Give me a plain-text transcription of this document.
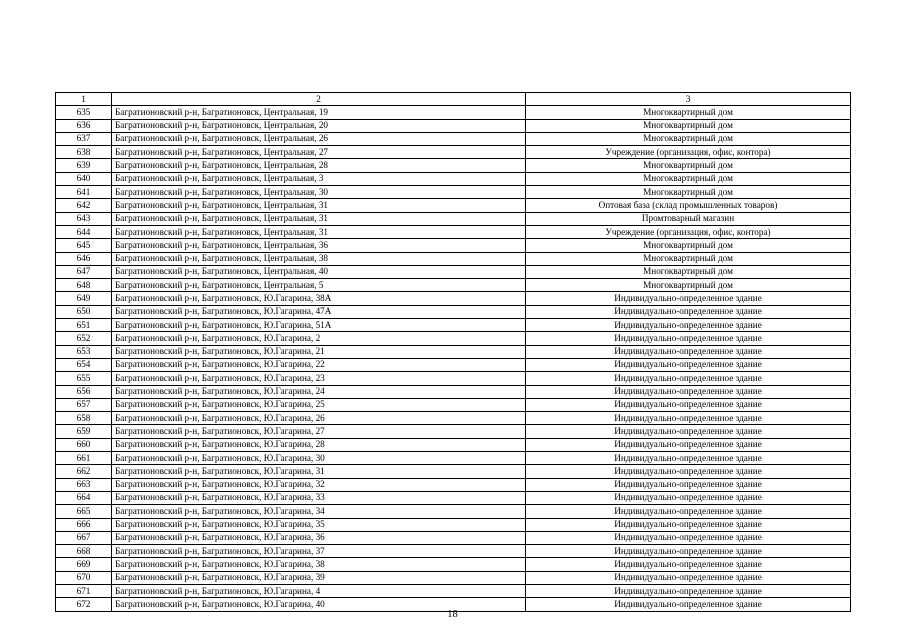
1	2	3
635	Багратионовский р-н, Багратионовск, Центральная, 19	Многоквартирный дом
636	Багратионовский р-н, Багратионовск, Центральная, 20	Многоквартирный дом
637	Багратионовский р-н, Багратионовск, Центральная, 26	Многоквартирный дом
638	Багратионовский р-н, Багратионовск, Центральная, 27	Учреждение (организация, офис, контора)
639	Багратионовский р-н, Багратионовск, Центральная, 28	Многоквартирный дом
640	Багратионовский р-н, Багратионовск, Центральная, 3	Многоквартирный дом
641	Багратионовский р-н, Багратионовск, Центральная, 30	Многоквартирный дом
642	Багратионовский р-н, Багратионовск, Центральная, 31	Оптовая база (склад промышленных товаров)
643	Багратионовский р-н, Багратионовск, Центральная, 31	Промтоварный магазин
644	Багратионовский р-н, Багратионовск, Центральная, 31	Учреждение (организация, офис, контора)
645	Багратионовский р-н, Багратионовск, Центральная, 36	Многоквартирный дом
646	Багратионовский р-н, Багратионовск, Центральная, 38	Многоквартирный дом
647	Багратионовский р-н, Багратионовск, Центральная, 40	Многоквартирный дом
648	Багратионовский р-н, Багратионовск, Центральная, 5	Многоквартирный дом
649	Багратионовский р-н, Багратионовск, Ю.Гагарина, 38А	Индивидуально-определенное здание
650	Багратионовский р-н, Багратионовск, Ю.Гагарина, 47А	Индивидуально-определенное здание
651	Багратионовский р-н, Багратионовск, Ю.Гагарина, 51А	Индивидуально-определенное здание
652	Багратионовский р-н, Багратионовск, Ю.Гагарина, 2	Индивидуально-определенное здание
653	Багратионовский р-н, Багратионовск, Ю.Гагарина, 21	Индивидуально-определенное здание
654	Багратионовский р-н, Багратионовск, Ю.Гагарина, 22	Индивидуально-определенное здание
655	Багратионовский р-н, Багратионовск, Ю.Гагарина, 23	Индивидуально-определенное здание
656	Багратионовский р-н, Багратионовск, Ю.Гагарина, 24	Индивидуально-определенное здание
657	Багратионовский р-н, Багратионовск, Ю.Гагарина, 25	Индивидуально-определенное здание
658	Багратионовский р-н, Багратионовск, Ю.Гагарина, 26	Индивидуально-определенное здание
659	Багратионовский р-н, Багратионовск, Ю.Гагарина, 27	Индивидуально-определенное здание
660	Багратионовский р-н, Багратионовск, Ю.Гагарина, 28	Индивидуально-определенное здание
661	Багратионовский р-н, Багратионовск, Ю.Гагарина, 30	Индивидуально-определенное здание
662	Багратионовский р-н, Багратионовск, Ю.Гагарина, 31	Индивидуально-определенное здание
663	Багратионовский р-н, Багратионовск, Ю.Гагарина, 32	Индивидуально-определенное здание
664	Багратионовский р-н, Багратионовск, Ю.Гагарина, 33	Индивидуально-определенное здание
665	Багратионовский р-н, Багратионовск, Ю.Гагарина, 34	Индивидуально-определенное здание
666	Багратионовский р-н, Багратионовск, Ю.Гагарина, 35	Индивидуально-определенное здание
667	Багратионовский р-н, Багратионовск, Ю.Гагарина, 36	Индивидуально-определенное здание
668	Багратионовский р-н, Багратионовск, Ю.Гагарина, 37	Индивидуально-определенное здание
669	Багратионовский р-н, Багратионовск, Ю.Гагарина, 38	Индивидуально-определенное здание
670	Багратионовский р-н, Багратионовск, Ю.Гагарина, 39	Индивидуально-определенное здание
671	Багратионовский р-н, Багратионовск, Ю.Гагарина, 4	Индивидуально-определенное здание
672	Багратионовский р-н, Багратионовск, Ю.Гагарина, 40	Индивидуально-определенное здание
18
